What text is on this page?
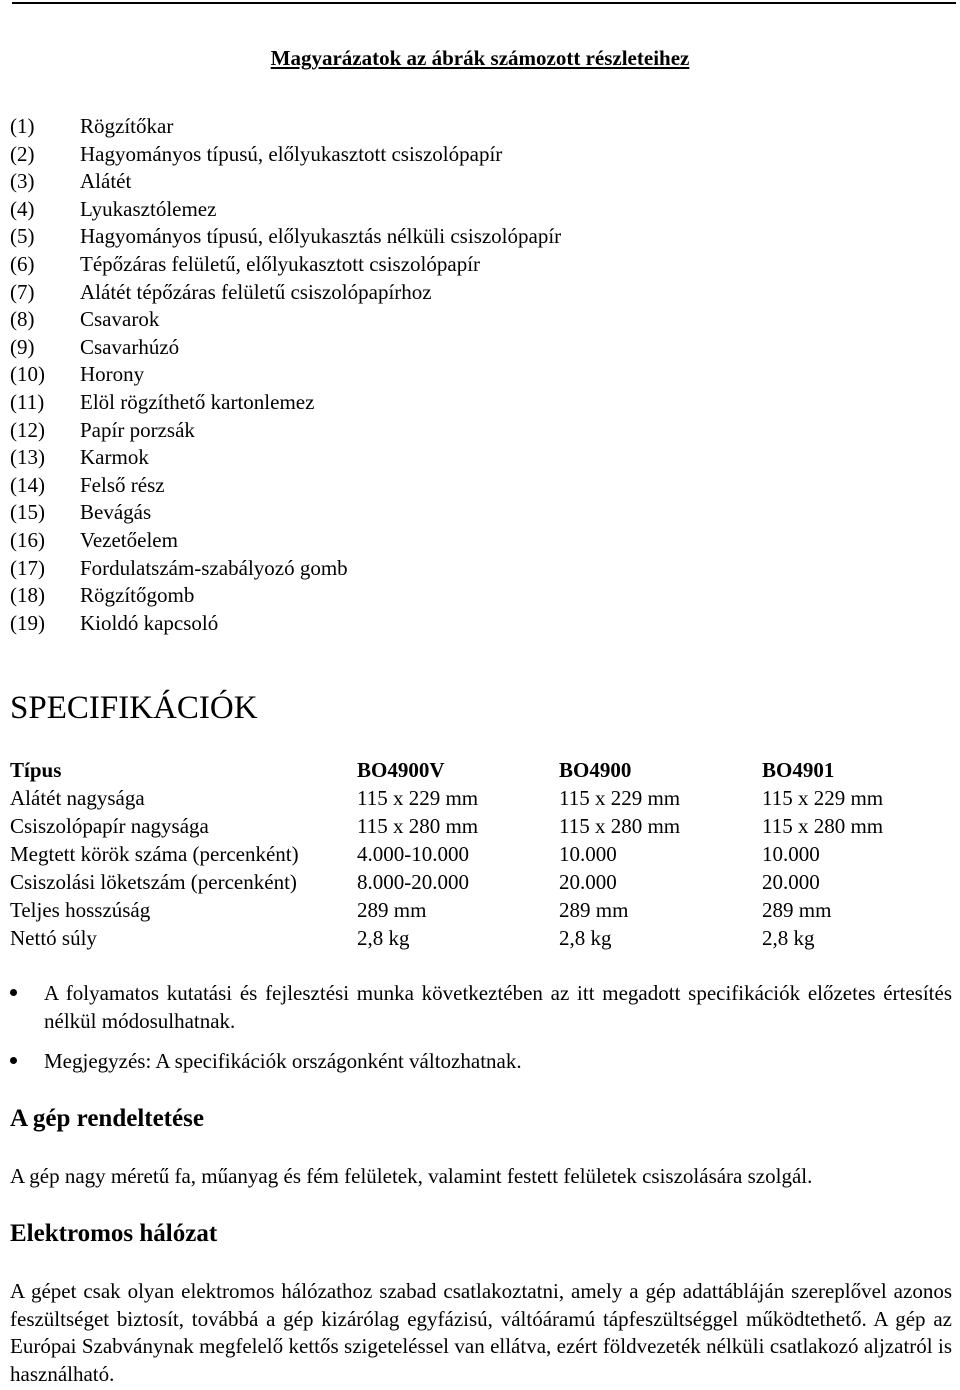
Magyarázatok az ábrák számozott részleteihez
(1) Rögzítőkar
(2) Hagyományos típusú, előlyukasztott csiszolópapír
(3) Alátét
(4) Lyukasztólemez
(5) Hagyományos típusú, előlyukasztás nélküli csiszolópapír
(6) Tépőzáras felületű, előlyukasztott csiszolópapír
(7) Alátét tépőzáras felületű csiszolópapírhoz
(8) Csavarok
(9) Csavarhúzó
(10) Horony
(11) Elöl rögzíthető kartonlemez
(12) Papír porzsák
(13) Karmok
(14) Felső rész
(15) Bevágás
(16) Vezetőelem
(17) Fordulatszám-szabályozó gomb
(18) Rögzítőgomb
(19) Kioldó kapcsoló
SPECIFIKÁCIÓK
Típus	BO4900V	BO4900	BO4901
Alátét nagysága	115 x 229 mm	115 x 229 mm	115 x 229 mm
Csiszolópapír nagysága	115 x 280 mm	115 x 280 mm	115 x 280 mm
Megtett körök száma (percenként)	4.000-10.000	10.000	10.000
Csiszolási löketszám (percenként)	8.000-20.000	20.000	20.000
Teljes hosszúság	289 mm	289 mm	289 mm
Nettó súly	2,8 kg	2,8 kg	2,8 kg
A folyamatos kutatási és fejlesztési munka következtében az itt megadott specifikációk előzetes értesítés nélkül módosulhatnak.
Megjegyzés: A specifikációk országonként változhatnak.
A gép rendeltetése

A gép nagy méretű fa, műanyag és fém felületek, valamint festett felületek csiszolására szolgál.

Elektromos hálózat

A gépet csak olyan elektromos hálózathoz szabad csatlakoztatni, amely a gép adattábláján szereplővel azonos feszültséget biztosít, továbbá a gép kizárólag egyfázisú, váltóáramú tápfeszültséggel működtethető. A gép az Európai Szabványnak megfelelő kettős szigeteléssel van ellátva, ezért földvezeték nélküli csatlakozó aljzatról is használható.
